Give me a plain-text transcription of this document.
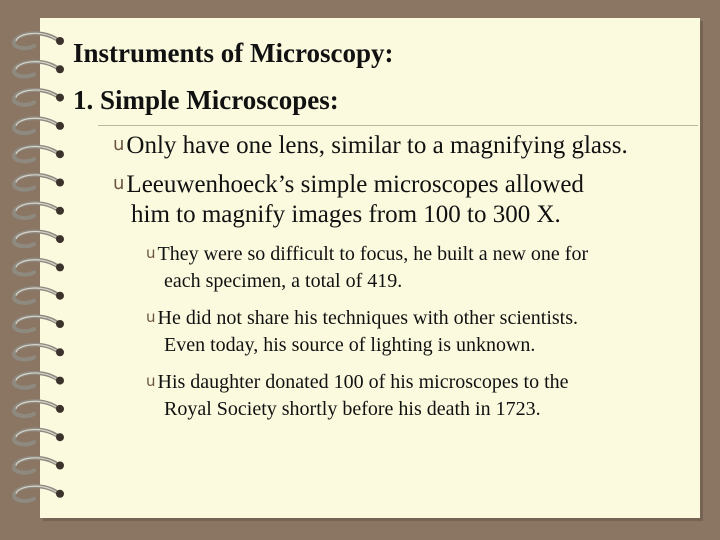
Instruments of Microscopy:
1. Simple Microscopes:
uOnly have one lens, similar to a magnifying glass.
uLeeuwenhoeck’s simple microscopes allowed
him to magnify images from 100 to 300 X.
u They were so difficult to focus, he built a new one for
each specimen, a total of 419.
u He did not share his techniques with other scientists.
Even today, his source of lighting is unknown.
u His daughter donated 100 of his microscopes to the
Royal Society shortly before his death in 1723.
